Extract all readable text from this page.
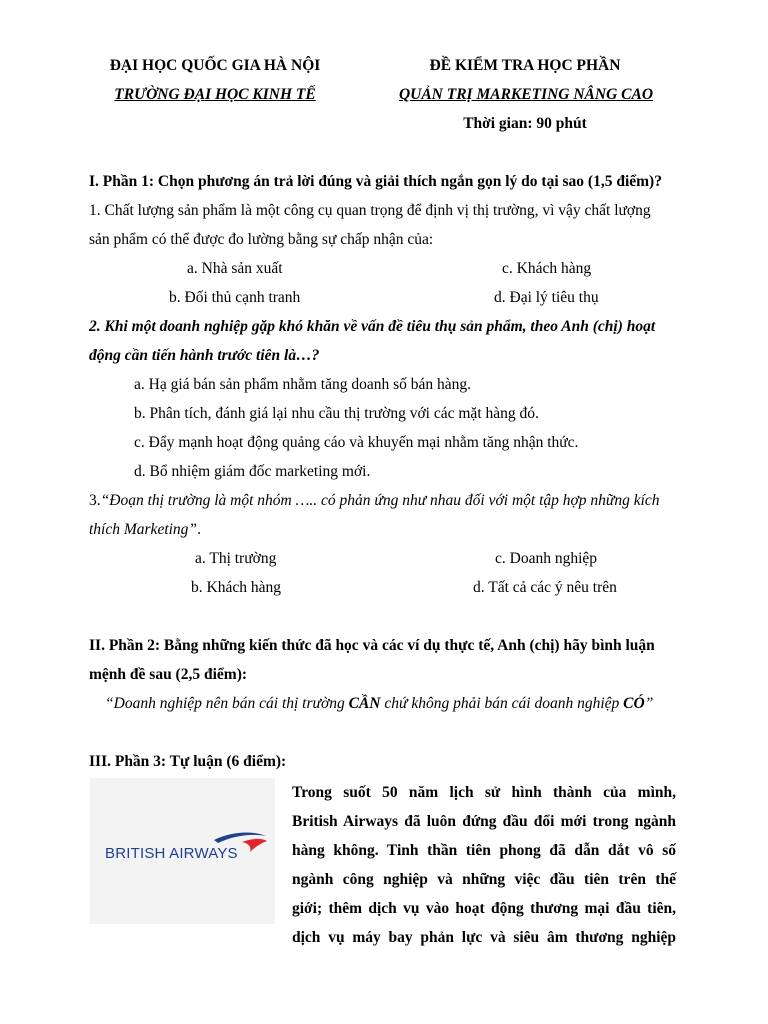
ĐẠI HỌC QUỐC GIA HÀ NỘI
TRƯỜNG ĐẠI HỌC KINH TẾ
ĐỀ KIỂM TRA HỌC PHẦN
QUẢN TRỊ MARKETING NÂNG CAO
Thời gian: 90 phút
I. Phần 1: Chọn phương án trả lời đúng và giải thích ngắn gọn lý do tại sao (1,5 điểm)?
1. Chất lượng sản phẩm là một công cụ quan trọng để định vị thị trường, vì vậy chất lượng
sản phẩm có thể được đo lường bằng sự chấp nhận của:
a. Nhà sản xuất	c. Khách hàng
b. Đối thủ cạnh tranh	d. Đại lý tiêu thụ
2. Khi một doanh nghiệp gặp khó khăn về vấn đề tiêu thụ sản phẩm, theo Anh (chị) hoạt
động cần tiến hành trước tiên là…?
a. Hạ giá bán sản phẩm nhằm tăng doanh số bán hàng.
b. Phân tích, đánh giá lại nhu cầu thị trường với các mặt hàng đó.
c. Đẩy mạnh hoạt động quảng cáo và khuyến mại nhằm tăng nhận thức.
d. Bổ nhiệm giám đốc marketing mới.
3.“Đoạn thị trường là một nhóm ….. có phản ứng như nhau đối với một tập hợp những kích
thích Marketing”.
a. Thị trường	c. Doanh nghiệp
b. Khách hàng	d. Tất cả các ý nêu trên
II. Phần 2: Bằng những kiến thức đã học và các ví dụ thực tế, Anh (chị) hãy bình luận
mệnh đề sau (2,5 điểm):
“Doanh nghiệp nên bán cái thị trường CẦN chứ không phải bán cái doanh nghiệp CÓ”
III. Phần 3: Tự luận (6 điểm):
BRITISH AIRWAYS
Trong suốt 50 năm lịch sử hình thành của mình,
British Airways đã luôn đứng đầu đổi mới trong ngành
hàng không. Tinh thần tiên phong đã dẫn dắt vô số
ngành công nghiệp và những việc đầu tiên trên thế
giới; thêm dịch vụ vào hoạt động thương mại đầu tiên,
dịch vụ máy bay phản lực và siêu âm thương nghiệp
